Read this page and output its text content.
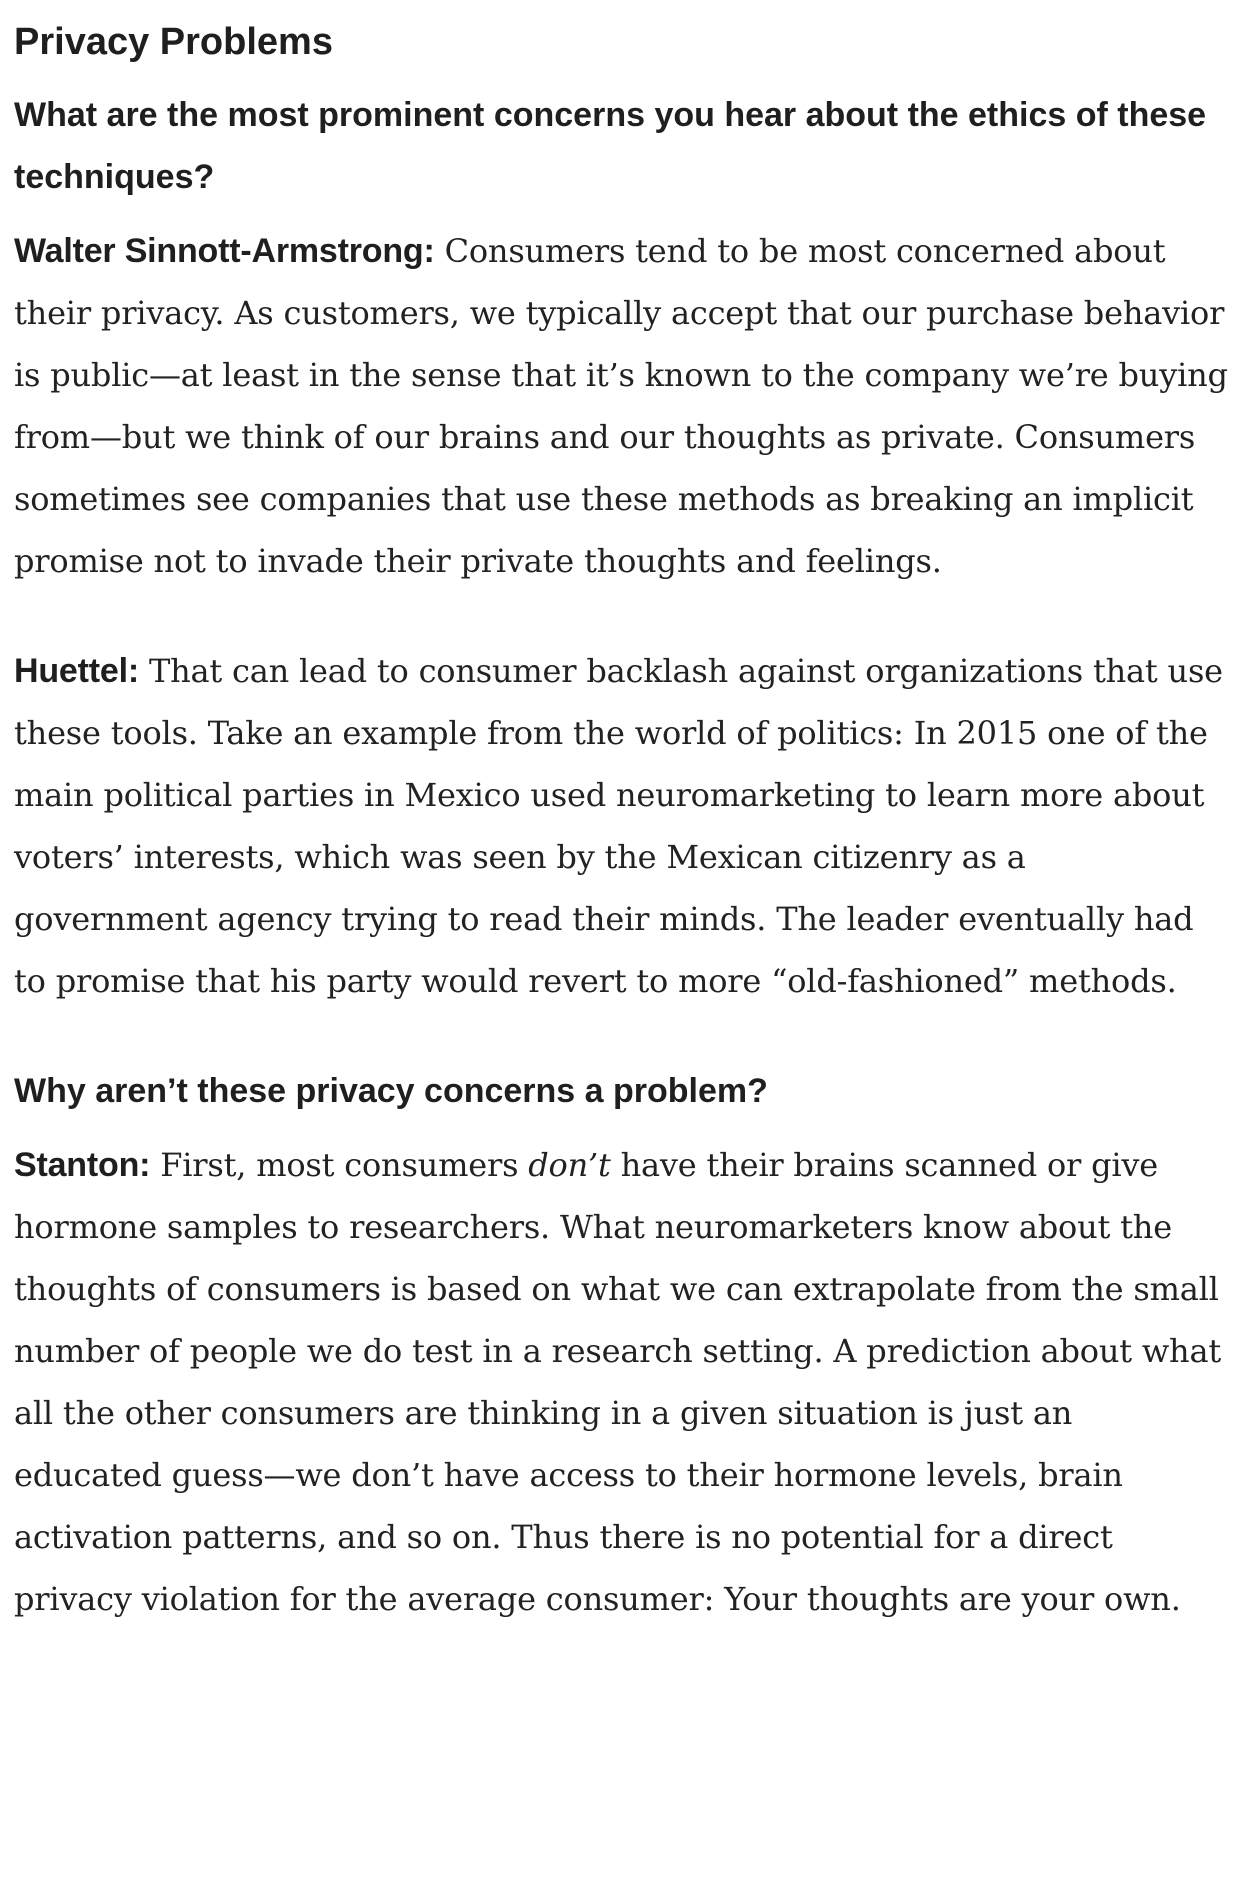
Privacy Problems
What are the most prominent concerns you hear about the ethics of these techniques?

Walter Sinnott-Armstrong: Consumers tend to be most concerned about their privacy. As customers, we typically accept that our purchase behavior is public—at least in the sense that it’s known to the company we’re buying from—but we think of our brains and our thoughts as private. Consumers sometimes see companies that use these methods as breaking an implicit promise not to invade their private thoughts and feelings.

Huettel: That can lead to consumer backlash against organizations that use these tools. Take an example from the world of politics: In 2015 one of the main political parties in Mexico used neuromarketing to learn more about voters’ interests, which was seen by the Mexican citizenry as a government agency trying to read their minds. The leader eventually had to promise that his party would revert to more “old-fashioned” methods.

Why aren’t these privacy concerns a problem?

Stanton: First, most consumers don’t have their brains scanned or give hormone samples to researchers. What neuromarketers know about the thoughts of consumers is based on what we can extrapolate from the small number of people we do test in a research setting. A prediction about what all the other consumers are thinking in a given situation is just an educated guess—we don’t have access to their hormone levels, brain activation patterns, and so on. Thus there is no potential for a direct privacy violation for the average consumer: Your thoughts are your own.
